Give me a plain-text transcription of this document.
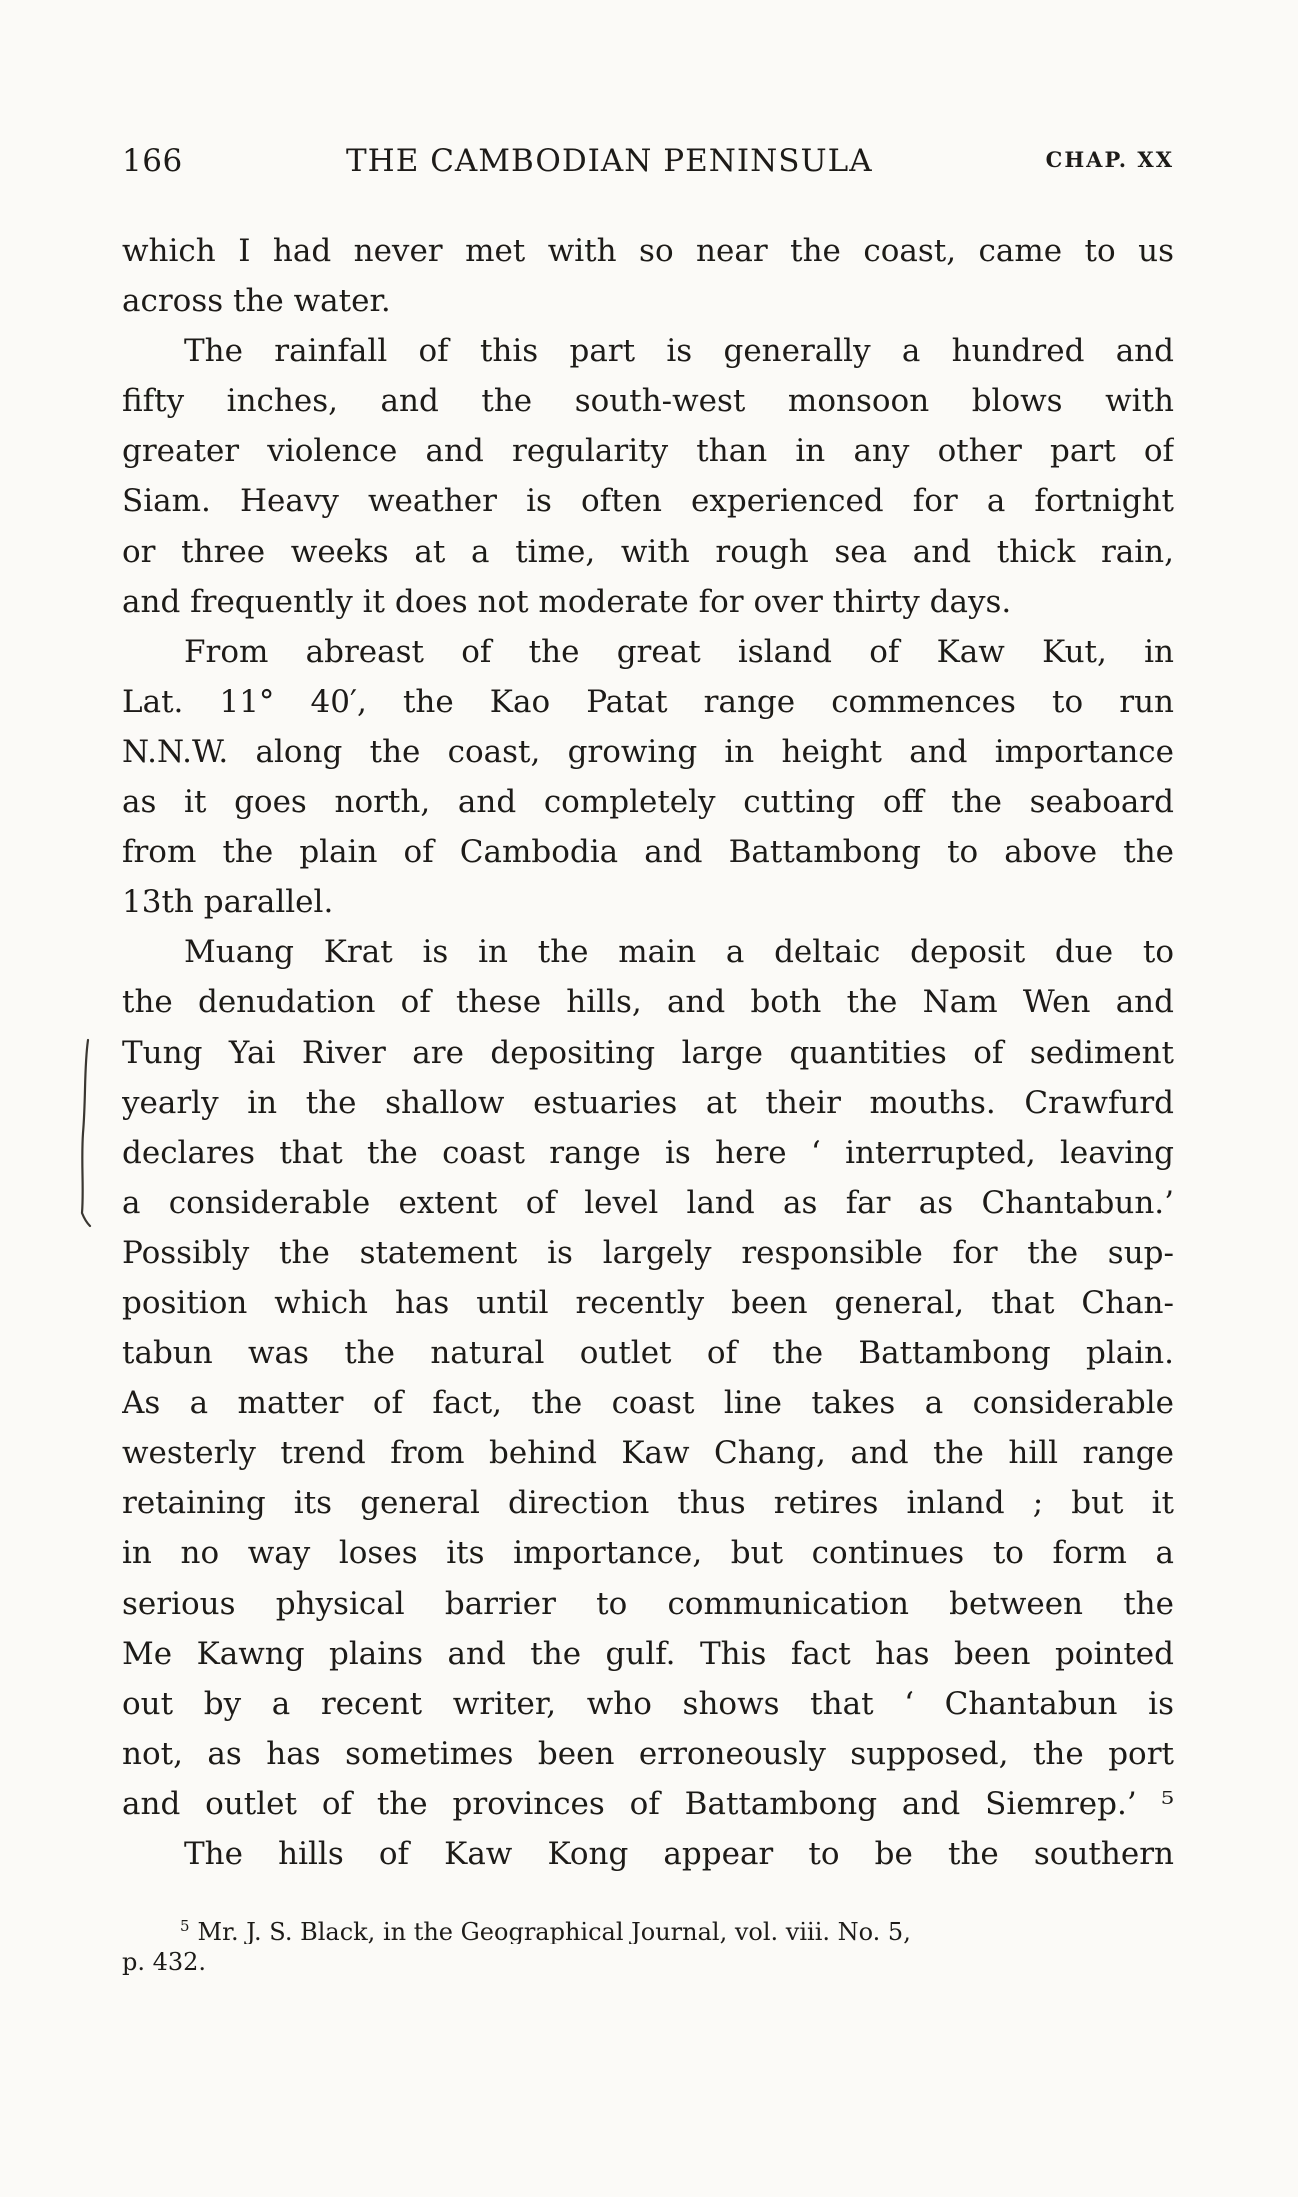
166	THE CAMBODIAN PENINSULA	CHAP. XX
which I had never met with so near the coast, came to us
across the water.
The rainfall of this part is generally a hundred and
fifty inches, and the south-west monsoon blows with
greater violence and regularity than in any other part of
Siam. Heavy weather is often experienced for a fortnight
or three weeks at a time, with rough sea and thick rain,
and frequently it does not moderate for over thirty days.
From abreast of the great island of Kaw Kut, in
Lat. 11° 40′, the Kao Patat range commences to run
N.N.W. along the coast, growing in height and importance
as it goes north, and completely cutting off the seaboard
from the plain of Cambodia and Battambong to above the
13th parallel.
Muang Krat is in the main a deltaic deposit due to
the denudation of these hills, and both the Nam Wen and
Tung Yai River are depositing large quantities of sediment
yearly in the shallow estuaries at their mouths. Crawfurd
declares that the coast range is here ‘ interrupted, leaving
a considerable extent of level land as far as Chantabun.’
Possibly the statement is largely responsible for the sup-
position which has until recently been general, that Chan-
tabun was the natural outlet of the Battambong plain.
As a matter of fact, the coast line takes a considerable
westerly trend from behind Kaw Chang, and the hill range
retaining its general direction thus retires inland ; but it
in no way loses its importance, but continues to form a
serious physical barrier to communication between the
Me Kawng plains and the gulf. This fact has been pointed
out by a recent writer, who shows that ‘ Chantabun is
not, as has sometimes been erroneously supposed, the port
and outlet of the provinces of Battambong and Siemrep.’ ⁵
The hills of Kaw Kong appear to be the southern
$^5$ Mr. J. S. Black, in the Geographical Journal, vol. viii. No. 5,
p. 432.
